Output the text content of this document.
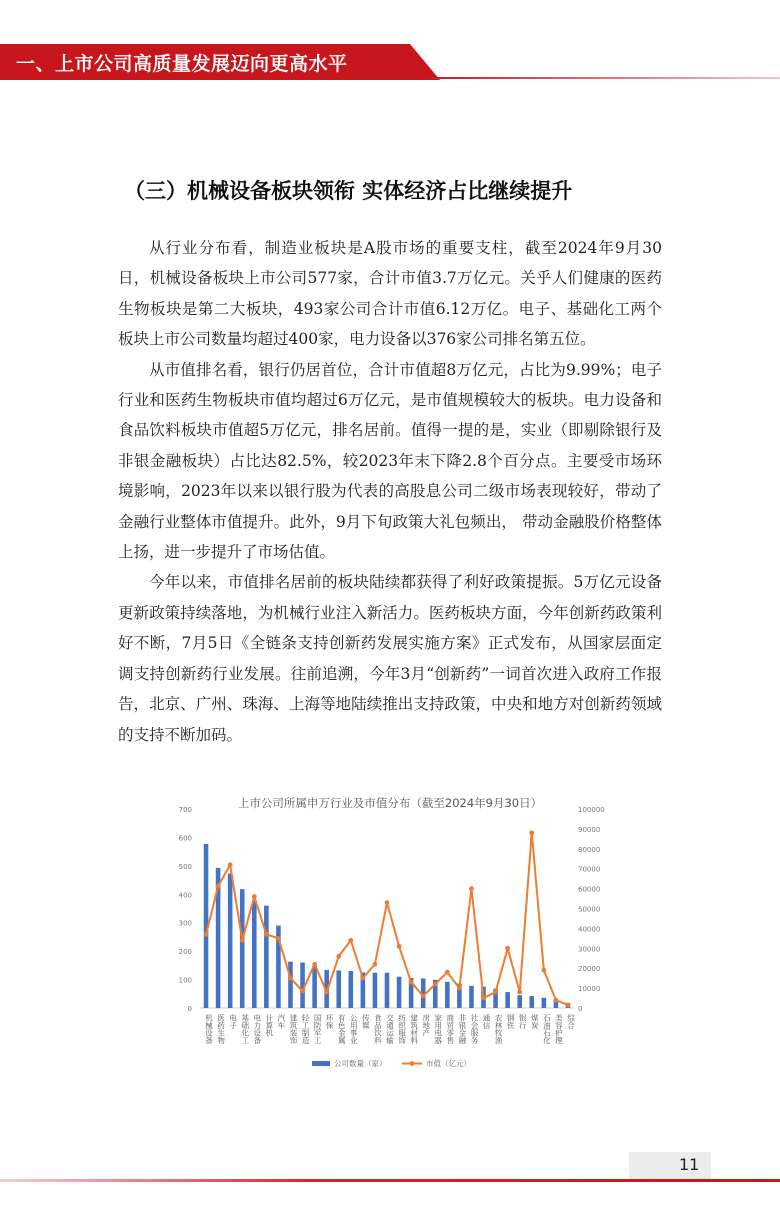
一、上市公司高质量发展迈向更高水平
（三）机械设备板块领衔 实体经济占比继续提升

从行业分布看，制造业板块是A股市场的重要支柱，截至2024年9月30日，机械设备板块上市公司577家，合计市值3.7万亿元。关乎人们健康的医药生物板块是第二大板块，493家公司合计市值6.12万亿。电子、基础化工两个板块上市公司数量均超过400家，电力设备以376家公司排名第五位。

从市值排名看，银行仍居首位，合计市值超8万亿元，占比为9.99%；电子行业和医药生物板块市值均超过6万亿元，是市值规模较大的板块。电力设备和食品饮料板块市值超5万亿元，排名居前。值得一提的是，实业（即剔除银行及非银金融板块）占比达82.5%，较2023年末下降2.8个百分点。主要受市场环境影响，2023年以来以银行股为代表的高股息公司二级市场表现较好，带动了金融行业整体市值提升。此外，9月下旬政策大礼包频出， 带动金融股价格整体上扬，进一步提升了市场估值。

今年以来，市值排名居前的板块陆续都获得了利好政策提振。5万亿元设备更新政策持续落地，为机械行业注入新活力。医药板块方面，今年创新药政策利好不断，7月5日《全链条支持创新药发展实施方案》正式发布，从国家层面定调支持创新药行业发展。往前追溯，今年3月“创新药”一词首次进入政府工作报告，北京、广州、珠海、上海等地陆续推出支持政策，中央和地方对创新药领域的支持不断加码。

上市公司所属申万行业及市值分布（截至2024年9月30日）
0
100
200
300
400
500
600
700
0
10000
20000
30000
40000
50000
60000
70000
80000
90000
100000
机械设备 医药生物 电子 基础化工 电力设备 计算机 汽车 建筑装饰 轻工制造 国防军工 环保 有色金属 公用事业 传媒 食品饮料 交通运输 纺织服饰 建筑材料 房地产 家用电器 商贸零售 非银金融 社会服务 通信 农林牧渔 钢铁 银行 煤炭 石油石化 美容护理 综合
公司数量（家）	市值（亿元）
11
